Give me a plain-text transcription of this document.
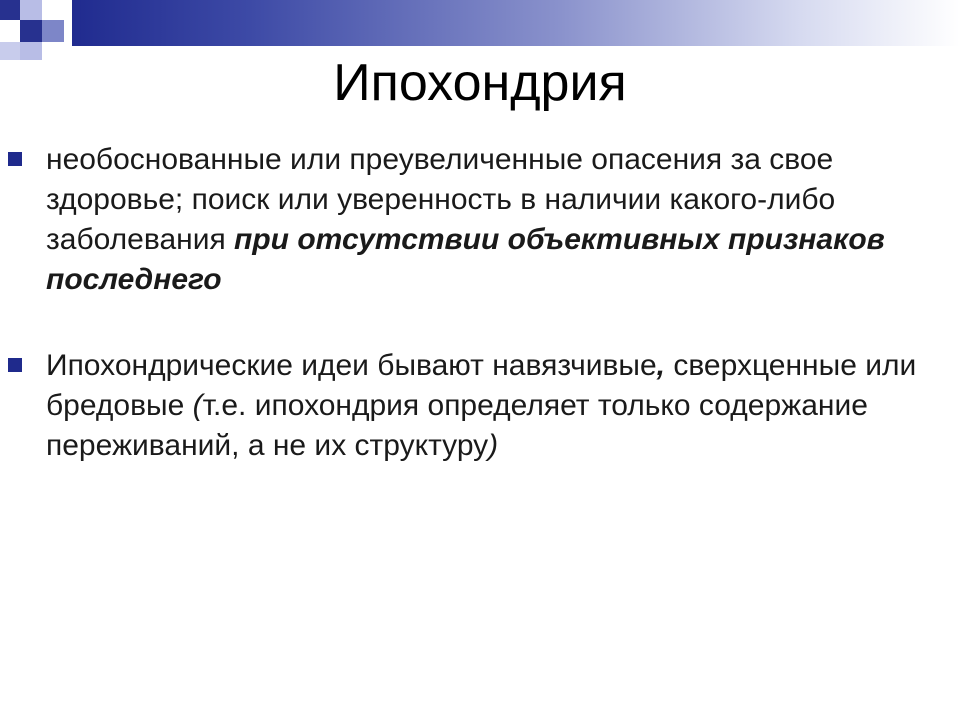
Ипохондрия
необоснованные или преувеличенные опасения за свое здоровье; поиск или уверенность в наличии какого-либо заболевания при отсутствии объективных признаков последнего
Ипохондрические идеи бывают навязчивые, сверхценные или бредовые (т.е. ипохондрия определяет только содержание переживаний, а не их структуру)
